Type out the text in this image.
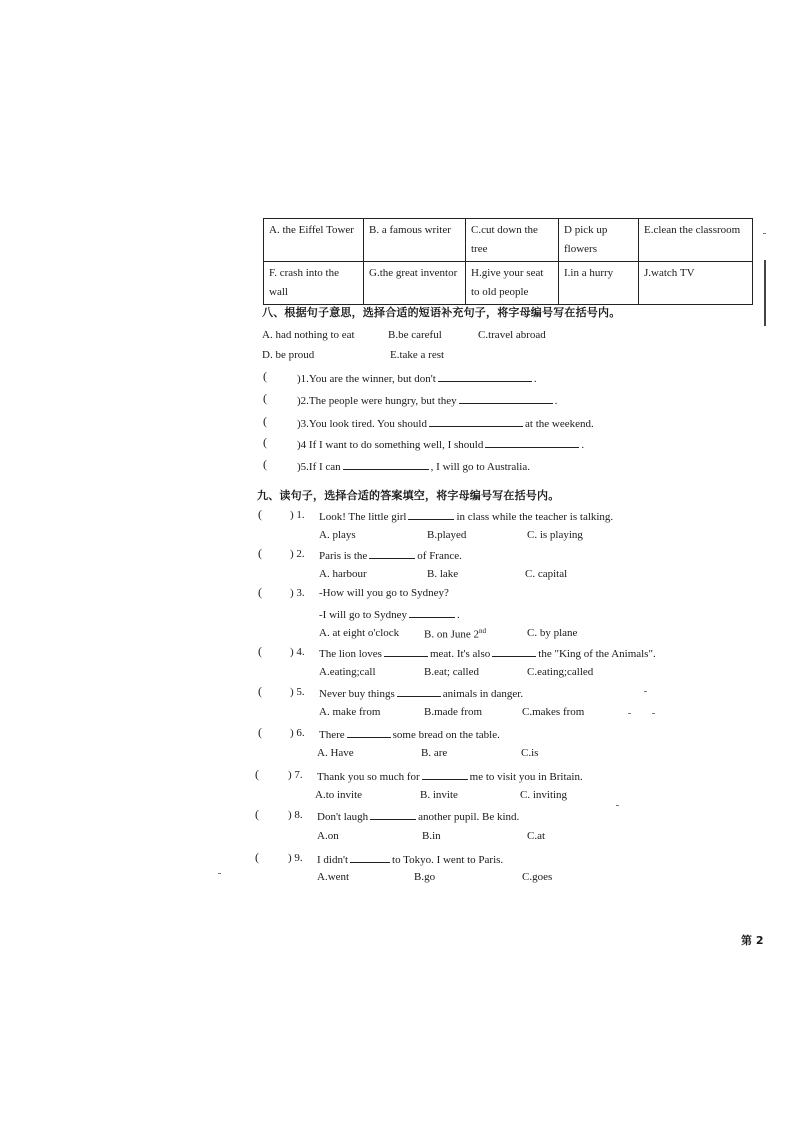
A. the Eiffel Tower	B. a famous writer	C.cut down the tree	D pick up flowers	E.clean the classroom
F. crash into the wall	G.the great inventor	H.give your seat to old people	I.in a hurry	J.watch TV
八、根据句子意思，选择合适的短语补充句子，将字母编号写在括号内。
A. had nothing to eat	B.be careful	C.travel abroad
D. be proud	E.take a rest
(	)1.You are the winner, but don't	.
(	)2.The people were hungry, but they	.
(	)3.You look tired. You should	at the weekend.
(	)4 If I want to do something well, I should	.
(	)5.If I can	, I will go to Australia.
九、读句子，选择合适的答案填空，将字母编号写在括号内。
(	) 1. Look! The little girl	in class while the teacher is talking.
A. plays	B.played	C. is playing
(	) 2. Paris is the	of France.
A. harbour	B. lake	C. capital
(	) 3. -How will you go to Sydney?
-I will go to Sydney	.
A. at eight o'clock B. on June 2nd	C. by plane
(	) 4. The lion loves	meat. It's also	the "King of the Animals".
A.eating;call	B.eat; called	C.eating;called
(	) 5. Never buy things	animals in danger.
A. make from	B.made from	C.makes from
(	) 6. There	some bread on the table.
A. Have	B. are	C.is
(	) 7. Thank you so much for	me to visit you in Britain.
A.to invite	B. invite	C. inviting
(	) 8. Don't laugh	another pupil. Be kind.
A.on	B.in	C.at
(	) 9. I didn't	to Tokyo. I went to Paris.
A.went	B.go	C.goes
第 2
